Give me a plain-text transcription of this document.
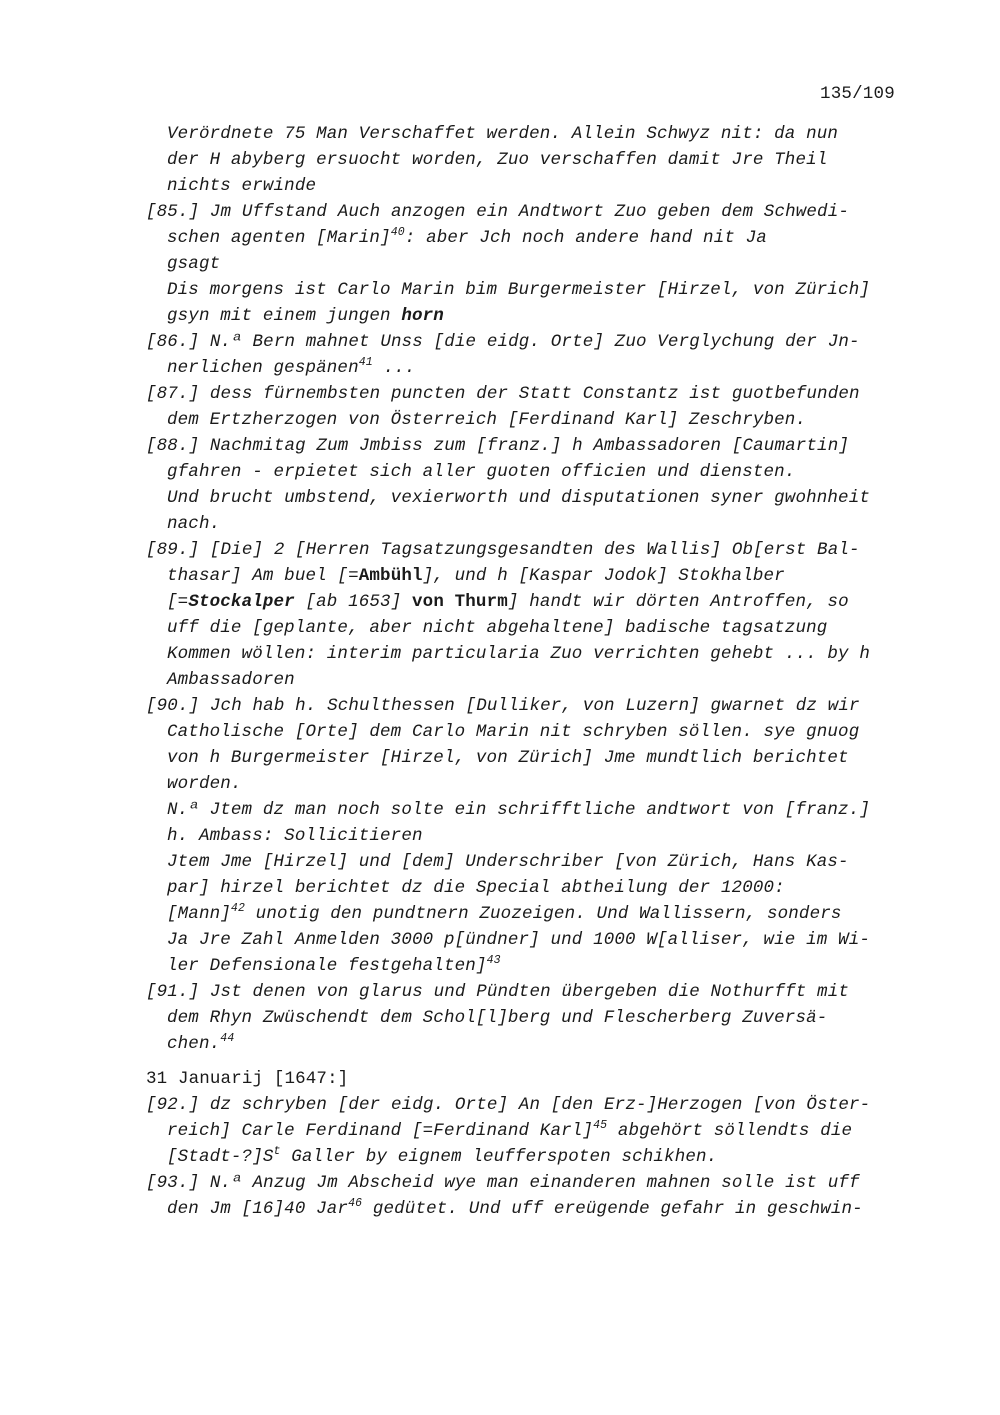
135/109
Verördnete 75 Man Verschaffet werden. Allein Schwyz nit: da nun
der H abyberg ersuocht worden, Zuo verschaffen damit Jre Theil
nichts erwinde
[85.] Jm Uffstand Auch anzogen ein Andtwort Zuo geben dem Schwedi-
schen agenten [Marin]$^{40}$: aber Jch noch andere hand nit Ja
gsagt
Dis morgens ist Carlo Marin bim Burgermeister [Hirzel, von Zürich]
gsyn mit einem jungen horn
[86.] N.ª Bern mahnet Unss [die eidg. Orte] Zuo Verglychung der Jn-
nerlichen gespänen$^{41}$ ...
[87.] dess fürnembsten puncten der Statt Constantz ist guotbefunden
dem Ertzherzogen von Österreich [Ferdinand Karl] Zeschryben.
[88.] Nachmitag Zum Jmbiss zum [franz.] h Ambassadoren [Caumartin]
gfahren - erpietet sich aller guoten officien und diensten.
Und brucht umbstend, vexierworth und disputationen syner gwohnheit
nach.
[89.] [Die] 2 [Herren Tagsatzungsgesandten des Wallis] Ob[erst Bal-
thasar] Am buel [=Ambühl], und h [Kaspar Jodok] Stokhalber
[=Stockalper [ab 1653] von Thurm] handt wir dörten Antroffen, so
uff die [geplante, aber nicht abgehaltene] badische tagsatzung
Kommen wöllen: interim particularia Zuo verrichten gehebt ... by h
Ambassadoren
[90.] Jch hab h. Schulthessen [Dulliker, von Luzern] gwarnet dz wir
Catholische [Orte] dem Carlo Marin nit schryben söllen. sye gnuog
von h Burgermeister [Hirzel, von Zürich] Jme mundtlich berichtet
worden.
N.ª Jtem dz man noch solte ein schrifftliche andtwort von [franz.]
h. Ambass: Sollicitieren
Jtem Jme [Hirzel] und [dem] Underschriber [von Zürich, Hans Kas-
par] hirzel berichtet dz die Special abtheilung der 12000:
[Mann]$^{42}$ unotig den pundtnern Zuozeigen. Und Wallissern, sonders
Ja Jre Zahl Anmelden 3000 p[ündner] und 1000 W[alliser, wie im Wi-
ler Defensionale festgehalten]$^{43}$
[91.] Jst denen von glarus und Pündten übergeben die Nothurfft mit
dem Rhyn Zwüschendt dem Schol[l]berg und Flescherberg Zuversä-
chen.$^{44}$
31 Januarij [1647:]
[92.] dz schryben [der eidg. Orte] An [den Erz-]Herzogen [von Öster-
reich] Carle Ferdinand [=Ferdinand Karl]$^{45}$ abgehört söllendts die
$[Stadt-?]S^t$ Galler by eignem leufferspoten schikhen.
[93.] N.ª Anzug Jm Abscheid wye man einanderen mahnen solle ist uff
den Jm [16]40 Jar$^{46}$ gedütet. Und uff ereügende gefahr in geschwin-
